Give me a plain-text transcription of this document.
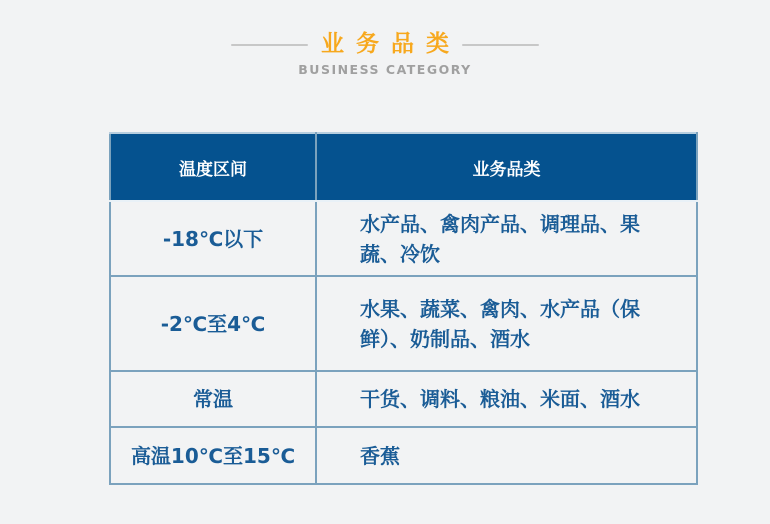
业务品类
BUSINESS CATEGORY
温度区间	业务品类
-18℃以下	水产品、禽肉产品、调理品、果蔬、冷饮
-2℃至4℃	水果、蔬菜、禽肉、水产品（保鲜）、奶制品、酒水
常温	干货、调料、粮油、米面、酒水
高温10℃至15℃	香蕉
